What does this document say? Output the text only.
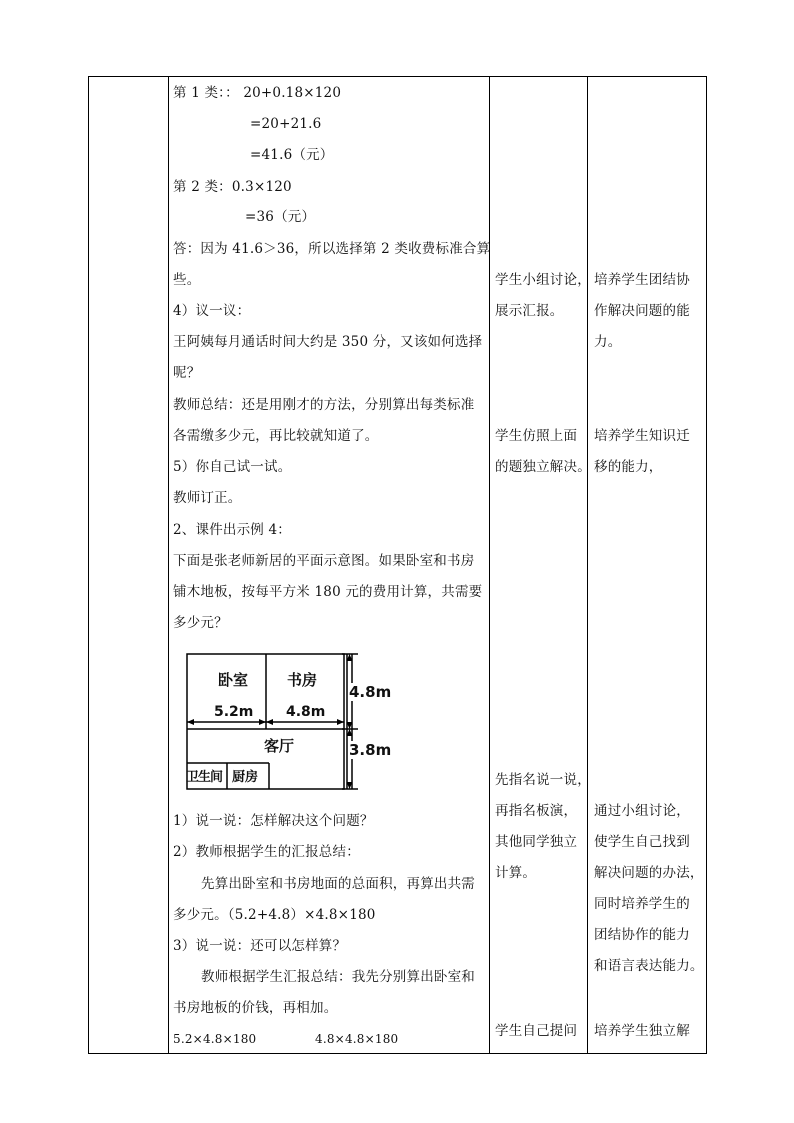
第 1 类：： 20+0.18×120
=20+21.6
=41.6（元）
第 2 类：0.3×120
=36（元）
答：因为 41.6＞36，所以选择第 2 类收费标准合算
些。
4）议一议：
王阿姨每月通话时间大约是 350 分，又该如何选择
呢？
教师总结：还是用刚才的方法，分别算出每类标准
各需缴多少元，再比较就知道了。
5）你自己试一试。
教师订正。
2、课件出示例 4：
下面是张老师新居的平面示意图。如果卧室和书房
铺木地板，按每平方米 180 元的费用计算，共需要
多少元？
卧室	书房
5.2m 4.8m
4.8m
3.8m
客厅
卫生间 厨房
1）说一说：怎样解决这个问题？
2）教师根据学生的汇报总结：
先算出卧室和书房地面的总面积，再算出共需
多少元。（5.2+4.8）×4.8×180
3）说一说：还可以怎样算？
教师根据学生汇报总结：我先分别算出卧室和
书房地板的价钱，再相加。
5.2×4.8×180	4.8×4.8×180
学生小组讨论，
展示汇报。
学生仿照上面
的题独立解决。
先指名说一说，
再指名板演，
其他同学独立
计算。
学生自己提问
培养学生团结协
作解决问题的能
力。
培养学生知识迁
移的能力，
通过小组讨论，
使学生自己找到
解决问题的办法，
同时培养学生的
团结协作的能力
和语言表达能力。
培养学生独立解
